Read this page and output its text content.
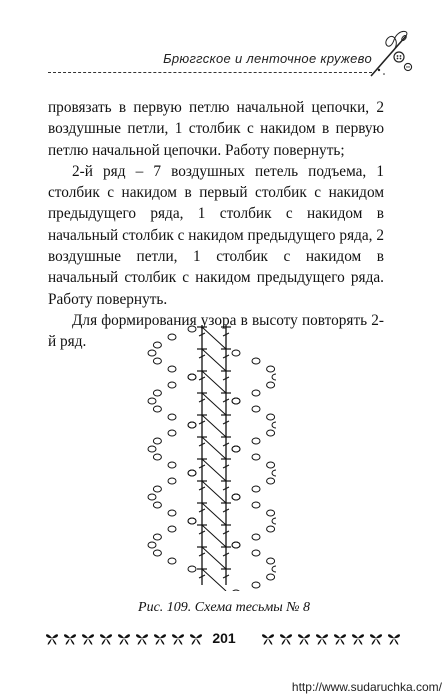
Брюггское и ленточное кружево

провязать в первую петлю начальной цепочки, 2 воздушные петли, 1 столбик с накидом в первую петлю начальной цепочки. Работу повернуть;

2-й ряд – 7 воздушных петель подъема, 1 столбик с накидом в первый столбик с накидом предыдущего ряда, 1 столбик с накидом в начальный столбик с накидом предыдущего ряда, 2 воздушные петли, 1 столбик с накидом в начальный столбик с накидом предыдущего ряда. Работу повернуть.

Для формирования узора в высоту повторять 2-й ряд.

Рис. 109. Схема тесьмы № 8
201
http://www.sudaruchka.com/
